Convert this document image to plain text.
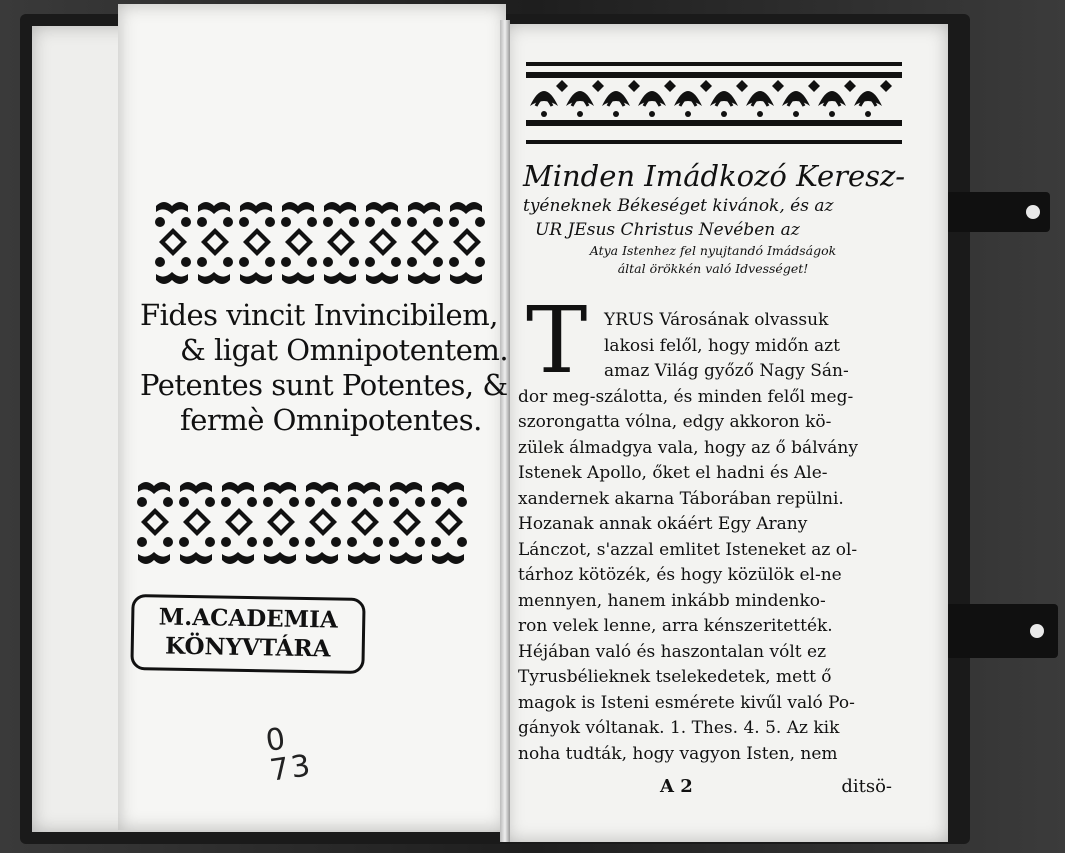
Fides vincit Invincibilem,
& ligat Omnipotentem.
Petentes sunt Potentes, &
fermè Omnipotentes.
M.ACADEMIA
KÖNYVTÁRA
0
73
Minden Imádkozó Keresz-
tyéneknek Békeséget kivánok, és az
UR JEsus Christus Nevében az
Atya Istenhez fel nyujtandó Imádságok
által örökkén való Idvességet!
T YRUS Városának olvassuk
lakosi felől, hogy midőn azt
amaz Világ győző Nagy Sán-
dor meg-szálotta, és minden felől meg-
szorongatta vólna, edgy akkoron kö-
zülek álmadgya vala, hogy az ő bálvány
Istenek Apollo, őket el hadni és Ale-
xandernek akarna Táborában repülni.
Hozanak annak okáért Egy Arany
Lánczot, s'azzal emlitet Isteneket az ol-
tárhoz kötözék, és hogy közülök el-ne
mennyen, hanem inkább mindenko-
ron velek lenne, arra kénszeritették.
Héjában való és haszontalan vólt ez
Tyrusbélieknek tselekedetek, mett ő
magok is Isteni esmérete kivűl való Po-
gányok vóltanak. 1. Thes. 4. 5. Az kik
noha tudták, hogy vagyon Isten, nem
A 2	ditsö-
